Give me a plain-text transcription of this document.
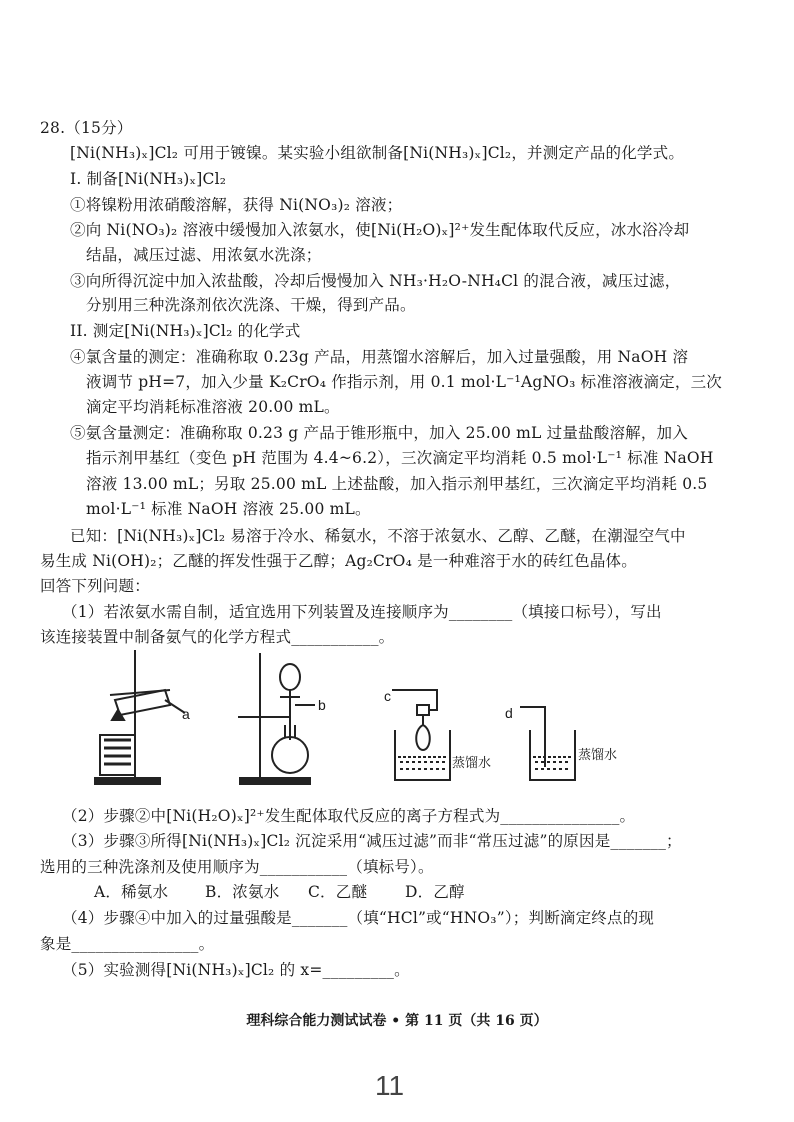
28.（15分）
[Ni(NH₃)ₓ]Cl₂ 可用于镀镍。某实验小组欲制备[Ni(NH₃)ₓ]Cl₂，并测定产品的化学式。
I. 制备[Ni(NH₃)ₓ]Cl₂
①将镍粉用浓硝酸溶解，获得 Ni(NO₃)₂ 溶液；
②向 Ni(NO₃)₂ 溶液中缓慢加入浓氨水，使[Ni(H₂O)ₓ]²⁺发生配体取代反应，冰水浴冷却
结晶，减压过滤、用浓氨水洗涤；
③向所得沉淀中加入浓盐酸，冷却后慢慢加入 NH₃·H₂O-NH₄Cl 的混合液，减压过滤，
分别用三种洗涤剂依次洗涤、干燥，得到产品。
II. 测定[Ni(NH₃)ₓ]Cl₂ 的化学式
④氯含量的测定：准确称取 0.23g 产品，用蒸馏水溶解后，加入过量强酸，用 NaOH 溶
液调节 pH=7，加入少量 K₂CrO₄ 作指示剂，用 0.1 mol·L⁻¹AgNO₃ 标准溶液滴定，三次
滴定平均消耗标准溶液 20.00 mL。
⑤氨含量测定：准确称取 0.23 g 产品于锥形瓶中，加入 25.00 mL 过量盐酸溶解，加入
指示剂甲基红（变色 pH 范围为 4.4~6.2），三次滴定平均消耗 0.5 mol·L⁻¹ 标准 NaOH
溶液 13.00 mL；另取 25.00 mL 上述盐酸，加入指示剂甲基红，三次滴定平均消耗 0.5
mol·L⁻¹ 标准 NaOH 溶液 25.00 mL。
已知：[Ni(NH₃)ₓ]Cl₂ 易溶于冷水、稀氨水，不溶于浓氨水、乙醇、乙醚，在潮湿空气中
易生成 Ni(OH)₂；乙醚的挥发性强于乙醇；Ag₂CrO₄ 是一种难溶于水的砖红色晶体。
回答下列问题：
（1）若浓氨水需自制，适宜选用下列装置及连接顺序为________（填接口标号），写出
该连接装置中制备氨气的化学方程式___________。
a
b
c
d
蒸馏水
蒸馏水
（2）步骤②中[Ni(H₂O)ₓ]²⁺发生配体取代反应的离子方程式为_______________。
（3）步骤③所得[Ni(NH₃)ₓ]Cl₂ 沉淀采用“减压过滤”而非“常压过滤”的原因是_______；
选用的三种洗涤剂及使用顺序为___________（填标号）。
A．稀氨水 B．浓氨水 C．乙醚 D．乙醇
（4）步骤④中加入的过量强酸是_______（填“HCl”或“HNO₃”）；判断滴定终点的现
象是________________。
（5）实验测得[Ni(NH₃)ₓ]Cl₂ 的 x=_________。
理科综合能力测试试卷 • 第 11 页（共 16 页）
11
